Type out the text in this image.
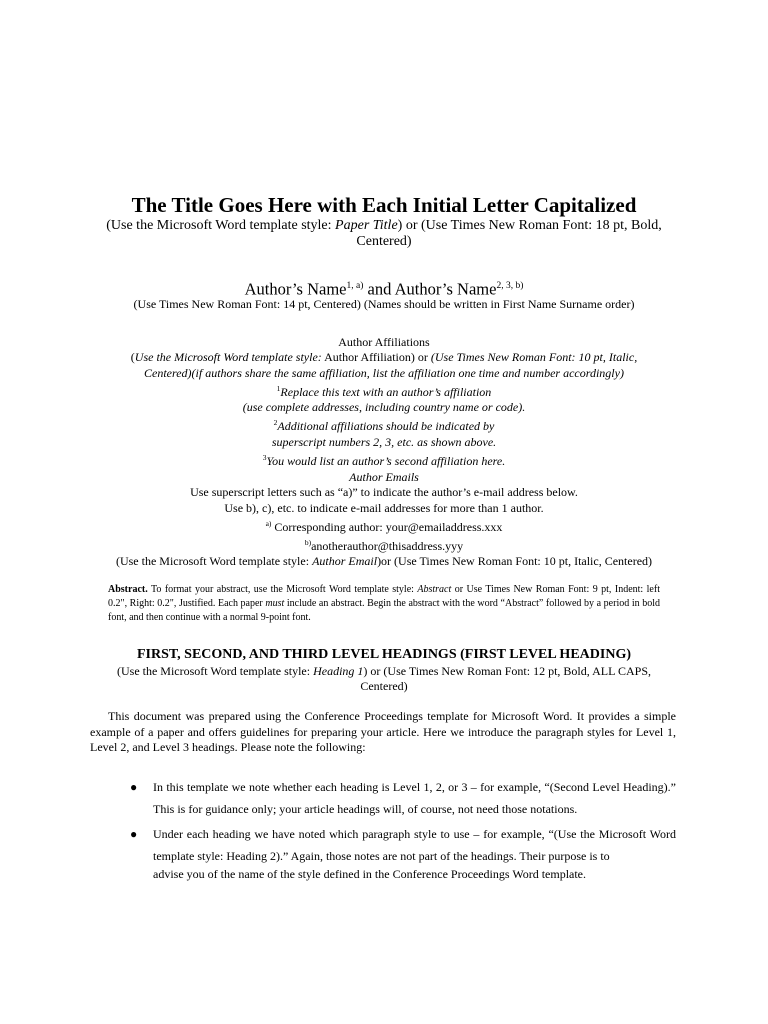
The Title Goes Here with Each Initial Letter Capitalized
(Use the Microsoft Word template style: Paper Title) or (Use Times New Roman Font: 18 pt, Bold, Centered)
Author’s Name$^{1, a)}$ and Author’s Name$^{2, 3, b)}$
(Use Times New Roman Font: 14 pt, Centered) (Names should be written in First Name Surname order)
Author Affiliations
(Use the Microsoft Word template style: Author Affiliation) or (Use Times New Roman Font: 10 pt, Italic,
Centered)(if authors share the same affiliation, list the affiliation one time and number accordingly)
$^1$Replace this text with an author’s affiliation
(use complete addresses, including country name or code).
$^2$Additional affiliations should be indicated by
superscript numbers 2, 3, etc. as shown above.
$^3$You would list an author’s second affiliation here.
Author Emails
Use superscript letters such as “a)” to indicate the author’s e-mail address below.
Use b), c), etc. to indicate e-mail addresses for more than 1 author.
$^{a)}$ Corresponding author: your@emailaddress.xxx
$^{b)}$anotherauthor@thisaddress.yyy
(Use the Microsoft Word template style: Author Email)or (Use Times New Roman Font: 10 pt, Italic, Centered)
Abstract. To format your abstract, use the Microsoft Word template style: Abstract or Use Times New Roman Font: 9 pt, Indent: left 0.2", Right: 0.2", Justified. Each paper must include an abstract. Begin the abstract with the word “Abstract” followed by a period in bold font, and then continue with a normal 9-point font.
FIRST, SECOND, AND THIRD LEVEL HEADINGS (FIRST LEVEL HEADING)
(Use the Microsoft Word template style: Heading 1) or (Use Times New Roman Font: 12 pt, Bold, ALL CAPS, Centered)
This document was prepared using the Conference Proceedings template for Microsoft Word. It provides a simple example of a paper and offers guidelines for preparing your article. Here we introduce the paragraph styles for Level 1, Level 2, and Level 3 headings. Please note the following:
● In this template we note whether each heading is Level 1, 2, or 3 – for example, “(Second Level Heading).” This is for guidance only; your article headings will, of course, not need those notations.
● Under each heading we have noted which paragraph style to use – for example, “(Use the Microsoft Word template style: Heading 2).” Again, those notes are not part of the headings. Their purpose is to
advise you of the name of the style defined in the Conference Proceedings Word template.
